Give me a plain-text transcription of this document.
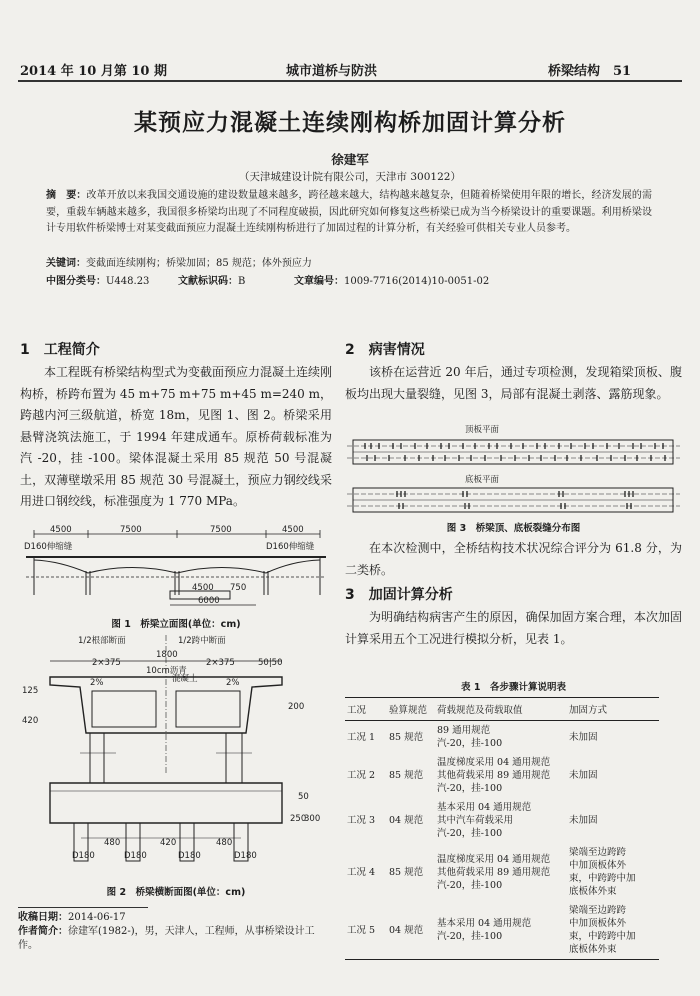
2014 年 10 月第 10 期	城市道桥与防洪	桥梁结构　51
某预应力混凝土连续刚构桥加固计算分析
徐建军
（天津城建设计院有限公司，天津市 300122）
摘　要：改革开放以来我国交通设施的建设数量越来越多，跨径越来越大，结构越来越复杂，但随着桥梁使用年限的增长，经济发展的需要，重载车辆越来越多，我国很多桥梁均出现了不同程度破损，因此研究如何修复这些桥梁已成为当今桥梁设计的重要课题。利用桥梁设计专用软件桥梁博士对某变截面预应力混凝土连续刚构桥进行了加固过程的计算分析，有关经验可供相关专业人员参考。
关键词：变截面连续刚构；桥梁加固；85 规范；体外预应力
中图分类号：U448.23	文献标识码：B	文章编号：1009-7716(2014)10-0051-02
1　工程简介
本工程既有桥梁结构型式为变截面预应力混凝土连续刚构桥，桥跨布置为 45 m+75 m+75 m+45 m=240 m，跨越内河三级航道，桥宽 18m，见图 1、图 2。桥梁采用悬臂浇筑法施工，于 1994 年建成通车。原桥荷载标准为汽 -20，挂 -100。梁体混凝土采用 85 规范 50 号混凝土，双薄壁墩采用 85 规范 30 号混凝土，预应力钢绞线采用进口钢绞线，标准强度为 1 770 MPa。
4500	7500	7500	4500
D160伸缩缝	D160伸缩缝
4500 750
6000
图 1　桥梁立面图(单位：cm)
1/2根部断面	1/2跨中断面
1800
2×375	2×375	50|50
10cm沥青
混凝土
2%	2%
125
420
200
50
250
300
480	420	480
D180	D180	D180	D180
图 2　桥梁横断面图(单位：cm)
收稿日期：2014-06-17
作者简介：徐建军(1982-)，男，天津人，工程师，从事桥梁设计工作。
2　病害情况
该桥在运营近 20 年后，通过专项检测，发现箱梁顶板、腹板均出现大量裂缝，见图 3，局部有混凝土剥落、露筋现象。
顶板平面
底板平面
图 3　桥梁顶、底板裂缝分布图
在本次检测中，全桥结构技术状况综合评分为 61.8 分，为二类桥。
3　加固计算分析
为明确结构病害产生的原因，确保加固方案合理，本次加固计算采用五个工况进行模拟分析，见表 1。
表 1　各步骤计算说明表
工况	验算规范	荷载规范及荷载取值	加固方式
工况 1	85 规范	89 通用规范
汽-20，挂-100	未加固
工况 2	85 规范	温度梯度采用 04 通用规范
其他荷载采用 89 通用规范
汽-20，挂-100	未加固
工况 3	04 规范	基本采用 04 通用规范
其中汽车荷载采用
汽-20，挂-100	未加固
工况 4	85 规范	温度梯度采用 04 通用规范
其他荷载采用 89 通用规范
汽-20，挂-100	梁端至边跨跨
中加顶板体外
束，中跨跨中加
底板体外束
工况 5	04 规范	基本采用 04 通用规范
汽-20，挂-100	梁端至边跨跨
中加顶板体外
束，中跨跨中加
底板体外束
